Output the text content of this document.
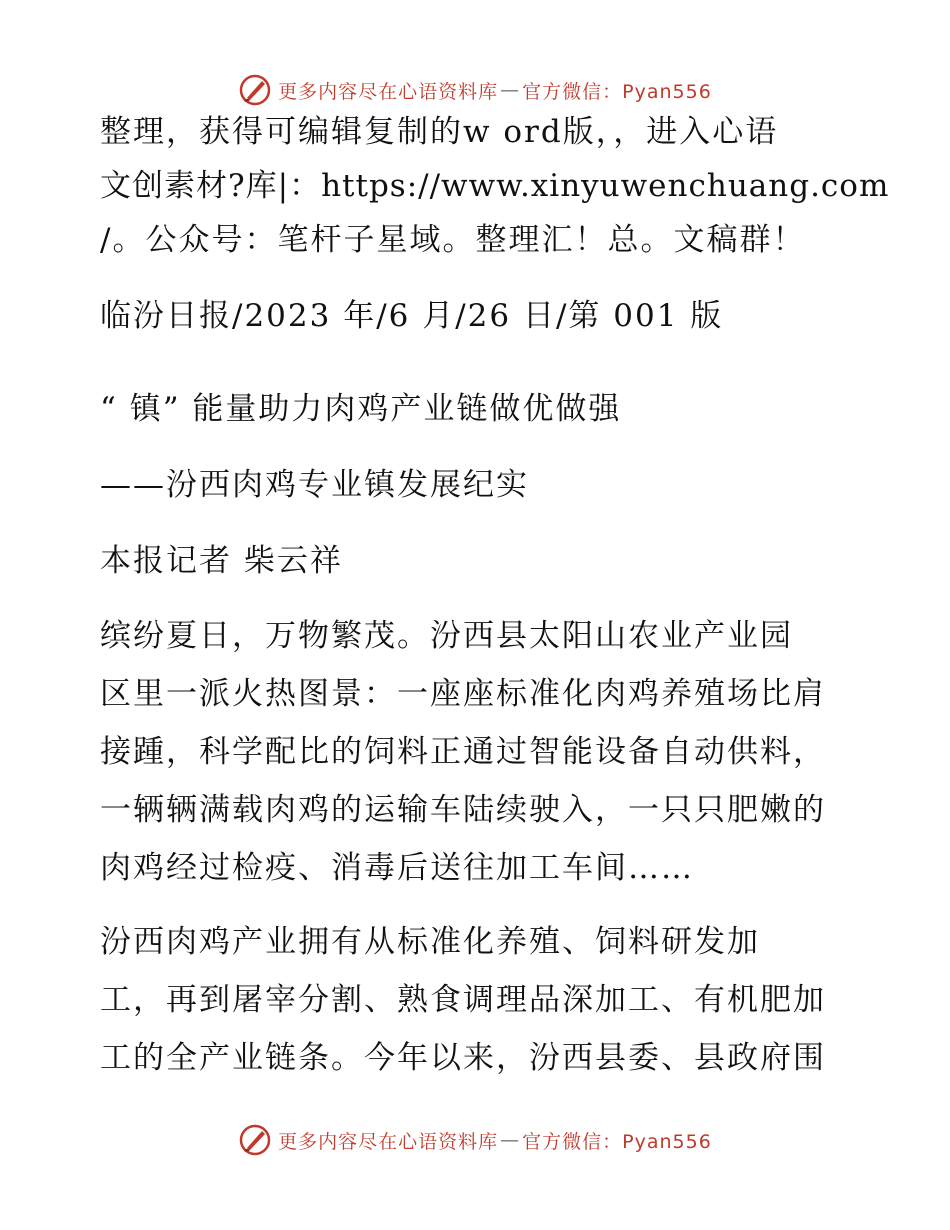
更多内容尽在心语资料库 — 官方微信：Pyan556
整理，获得可编辑复制的w ord版，，进入心语
文创素材?库|：https://www.xinyuwenchuang.com
/。公众号：笔杆子星域。整理汇！总。文稿群！
临汾日报/2023 年/6 月/26 日/第 001 版
“ 镇” 能量助力肉鸡产业链做优做强
——汾西肉鸡专业镇发展纪实
本报记者 柴云祥
缤纷夏日，万物繁茂。汾西县太阳山农业产业园
区里一派火热图景：一座座标准化肉鸡养殖场比肩
接踵，科学配比的饲料正通过智能设备自动供料，
一辆辆满载肉鸡的运输车陆续驶入，一只只肥嫩的
肉鸡经过检疫、消毒后送往加工车间……
汾西肉鸡产业拥有从标准化养殖、饲料研发加
工，再到屠宰分割、熟食调理品深加工、有机肥加
工的全产业链条。今年以来，汾西县委、县政府围
更多内容尽在心语资料库 — 官方微信：Pyan556
